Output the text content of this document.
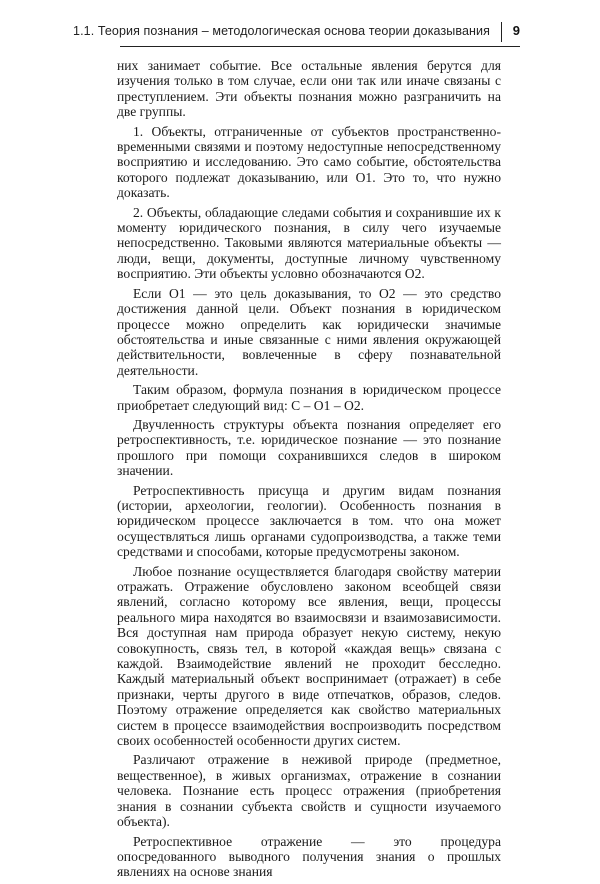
1.1. Теория познания – методологическая основа теории доказывания 9

них занимает событие. Все остальные явления берутся для изучения только в том случае, если они так или иначе связаны с преступлением. Эти объекты познания можно разграничить на две группы.

1. Объекты, отграниченные от субъектов пространственно-временными связями и поэтому недоступные непосредственному восприятию и исследованию. Это само событие, обстоятельства которого подлежат доказыванию, или О1. Это то, что нужно доказать.

2. Объекты, обладающие следами события и сохранившие их к моменту юридического познания, в силу чего изучаемые непосредственно. Таковыми являются материальные объекты — люди, вещи, документы, доступные личному чувственному восприятию. Эти объекты условно обозначаются О2.

Если О1 — это цель доказывания, то О2 — это средство достижения данной цели. Объект познания в юридическом процессе можно определить как юридически значимые обстоятельства и иные связанные с ними явления окружающей действительности, вовлеченные в сферу познавательной деятельности.

Таким образом, формула познания в юридическом процессе приобретает следующий вид: С – О1 – О2.

Двучленность структуры объекта познания определяет его ретроспективность, т.е. юридическое познание — это познание прошлого при помощи сохранившихся следов в широком значении.

Ретроспективность присуща и другим видам познания (истории, археологии, геологии). Особенность познания в юридическом процессе заключается в том. что она может осуществляться лишь органами судопроизводства, а также теми средствами и способами, которые предусмотрены законом.

Любое познание осуществляется благодаря свойству материи отражать. Отражение обусловлено законом всеобщей связи явлений, согласно которому все явления, вещи, процессы реального мира находятся во взаимосвязи и взаимозависимости. Вся доступная нам природа образует некую систему, некую совокупность, связь тел, в которой «каждая вещь» связана с каждой. Взаимодействие явлений не проходит бесследно. Каждый материальный объект воспринимает (отражает) в себе признаки, черты другого в виде отпечатков, образов, следов. Поэтому отражение определяется как свойство материальных систем в процессе взаимодействия воспроизводить посредством своих особенностей особенности других систем.

Различают отражение в неживой природе (предметное, вещественное), в живых организмах, отражение в сознании человека. Познание есть процесс отражения (приобретения знания в сознании субъекта свойств и сущности изучаемого объекта).

Ретроспективное отражение — это процедура опосредованного выводного получения знания о прошлых явлениях на основе знания
